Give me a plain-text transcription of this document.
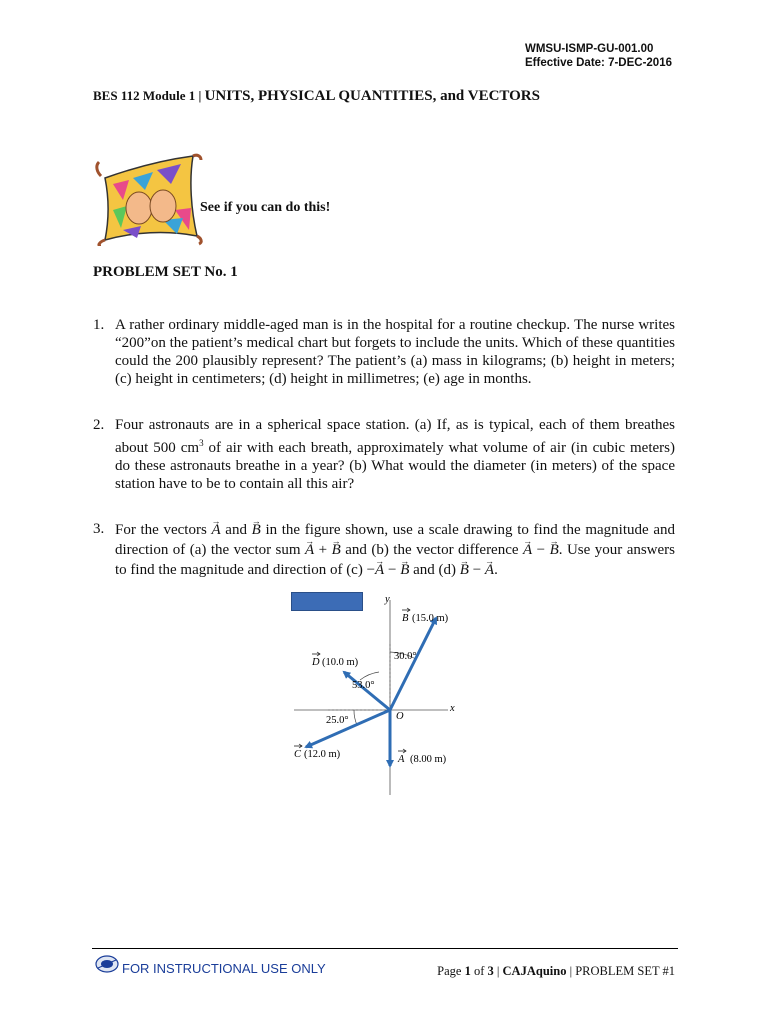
WMSU-ISMP-GU-001.00
Effective Date: 7-DEC-2016
BES 112 Module 1 | UNITS, PHYSICAL QUANTITIES, and VECTORS
See if you can do this!
PROBLEM SET No. 1
1. A rather ordinary middle-aged man is in the hospital for a routine checkup. The nurse writes “200”on the patient’s medical chart but forgets to include the units. Which of these quantities could the 200 plausibly represent? The patient’s (a) mass in kilograms; (b) height in meters; (c) height in centimeters; (d) height in millimetres; (e) age in months.
2. Four astronauts are in a spherical space station. (a) If, as is typical, each of them breathes about 500 $cm^3$ of air with each breath, approximately what volume of air (in cubic meters) do these astronauts breathe in a year? (b) What would the diameter (in meters) of the space station have to be to contain all this air?
3. For the vectors → A and → B in the figure shown, use a scale drawing to find the magnitude and direction of (a) the vector sum → A + → B and (b) the vector difference → A − → B. Use your answers to find the magnitude and direction of (c) −→ A − → B and (d) → B − → A.
x
y
O
B (15.0 m)
30.0°
D (10.0 m)
53.0°
25.0°
C (12.0 m)	A (8.00 m)
FOR INSTRUCTIONAL USE ONLY	Page 1 of 3 | CAJAquino | PROBLEM SET #1
